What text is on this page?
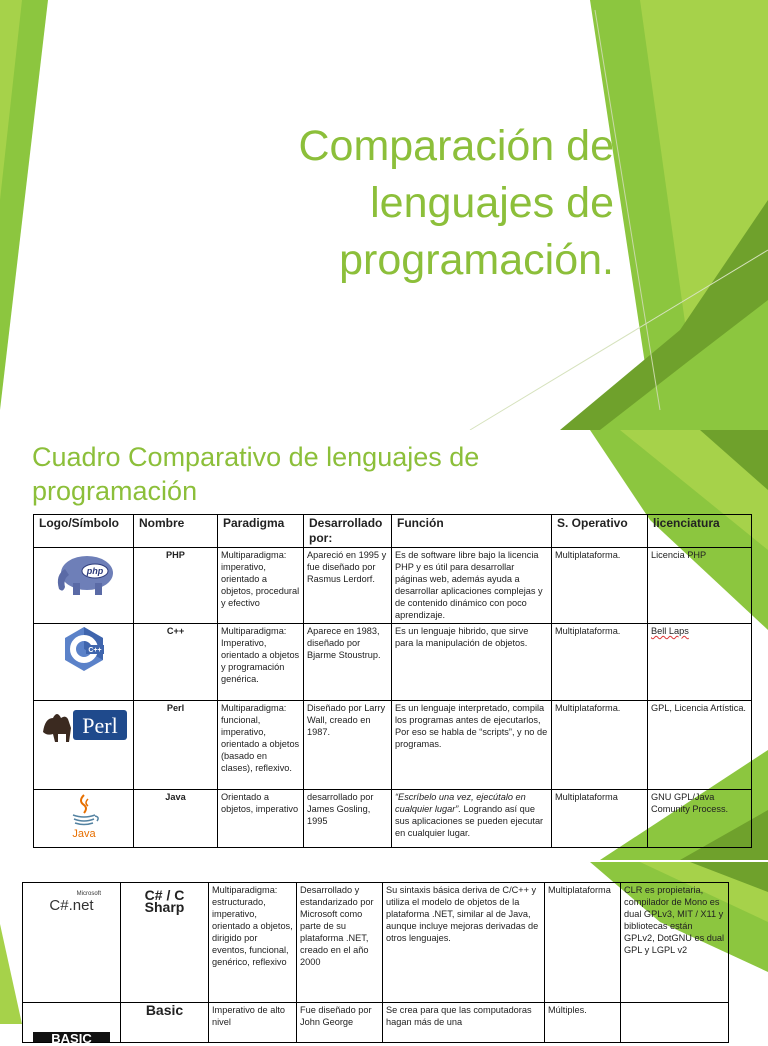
Comparación de lenguajes de programación.
Cuadro Comparativo de lenguajes de programación
Logo/Símbolo	Nombre	Paradigma	Desarrollado por:	Función	S. Operativo	licenciatura

php	PHP	Multiparadigma: imperativo, orientado a objetos, procedural y efectivo	Apareció en 1995 y fue diseñado por Rasmus Lerdorf.	Es de software libre bajo la licencia PHP y es útil para desarrollar páginas web, además ayuda a desarrollar aplicaciones complejas y de contenido dinámico con poco aprendizaje.	Multiplataforma.	Licencia PHP

C++	C++	Multiparadigma: Imperativo, orientado a objetos y programación genérica.	Aparece en 1983, diseñado por Bjarme Stoustrup.	Es un lenguaje hibrido, que sirve para la manipulación de objetos.	Multiplataforma.	Bell Laps

Perl	Perl	Multiparadigma: funcional, imperativo, orientado a objetos (basado en clases), reflexivo.	Diseñado por Larry Wall, creado en 1987.	Es un lenguaje interpretado, compila los programas antes de ejecutarlos, Por eso se habla de “scripts”, y no de programas.	Multiplataforma.	GPL, Licencia Artística.

Java	Java	Orientado a objetos, imperativo	desarrollado por James Gosling, 1995	“Escríbelo una vez, ejecútalo en cualquier lugar”. Logrando así que sus aplicaciones se pueden ejecutar en cualquier lugar.	Multiplataforma	GNU GPL/Java Comunity Process.
Microsoft
C#.net	C# / C Sharp	Multiparadigma: estructurado, imperativo, orientado a objetos, dirigido por eventos, funcional, genérico, reflexivo	Desarrollado y estandarizado por Microsoft como parte de su plataforma .NET, creado en el año 2000	Su sintaxis básica deriva de C/C++ y utiliza el modelo de objetos de la plataforma .NET, similar al de Java, aunque incluye mejoras derivadas de otros lenguajes.	Multiplataforma	CLR es propietaria, compilador de Mono es dual GPLv3, MIT / X11 y bibliotecas están GPLv2, DotGNU es dual GPL y LGPL v2

BASIC	Basic	Imperativo de alto nivel	Fue diseñado por John George	Se crea para que las computadoras hagan más de una	Múltiples.	
